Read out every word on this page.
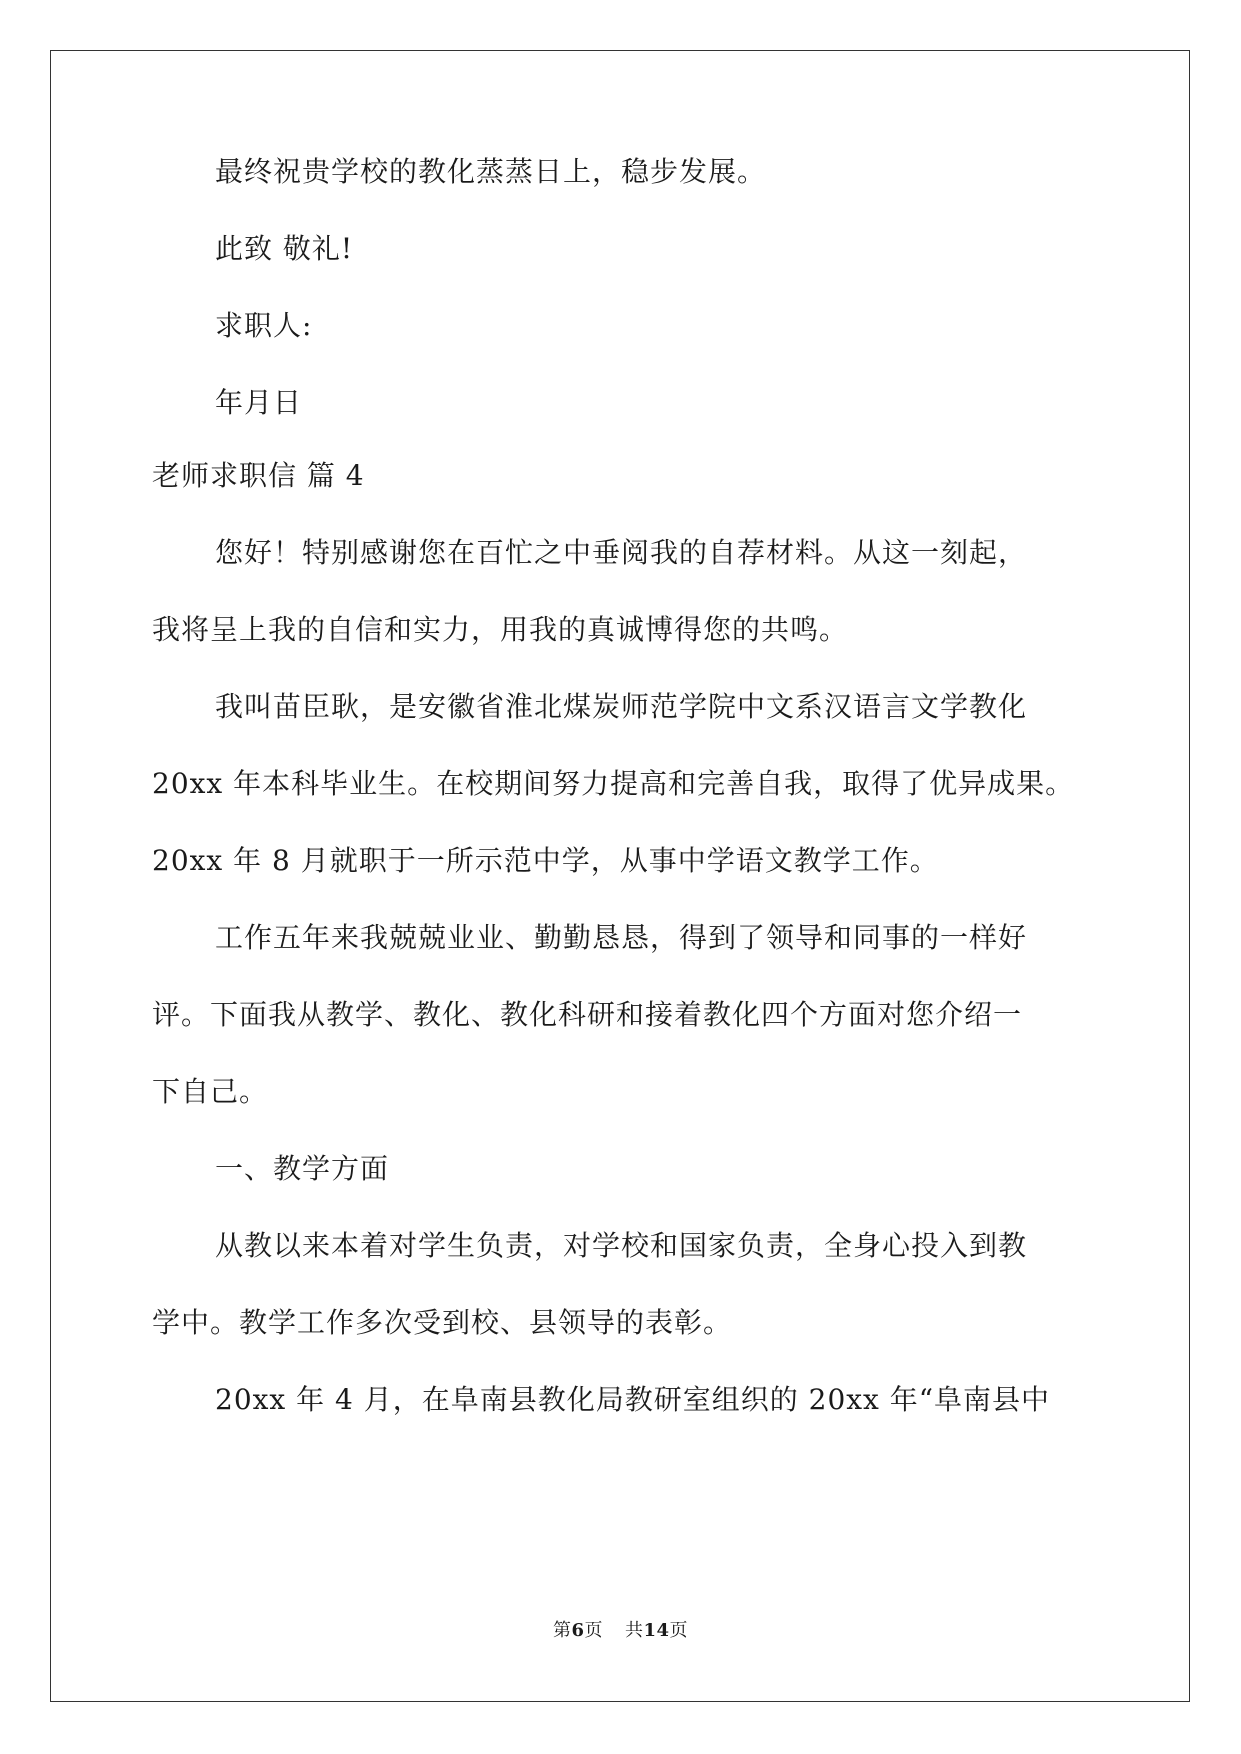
最终祝贵学校的教化蒸蒸日上，稳步发展。
此致 敬礼!
求职人:
年月日
老师求职信 篇 4
您好！特别感谢您在百忙之中垂阅我的自荐材料。从这一刻起，
我将呈上我的自信和实力，用我的真诚博得您的共鸣。
我叫苗臣耿，是安徽省淮北煤炭师范学院中文系汉语言文学教化
20xx 年本科毕业生。在校期间努力提高和完善自我，取得了优异成果。
20xx 年 8 月就职于一所示范中学，从事中学语文教学工作。
工作五年来我兢兢业业、勤勤恳恳，得到了领导和同事的一样好
评。下面我从教学、教化、教化科研和接着教化四个方面对您介绍一
下自己。
一、教学方面
从教以来本着对学生负责，对学校和国家负责，全身心投入到教
学中。教学工作多次受到校、县领导的表彰。
20xx 年 4 月，在阜南县教化局教研室组织的 20xx 年“阜南县中
第6页 共14页
